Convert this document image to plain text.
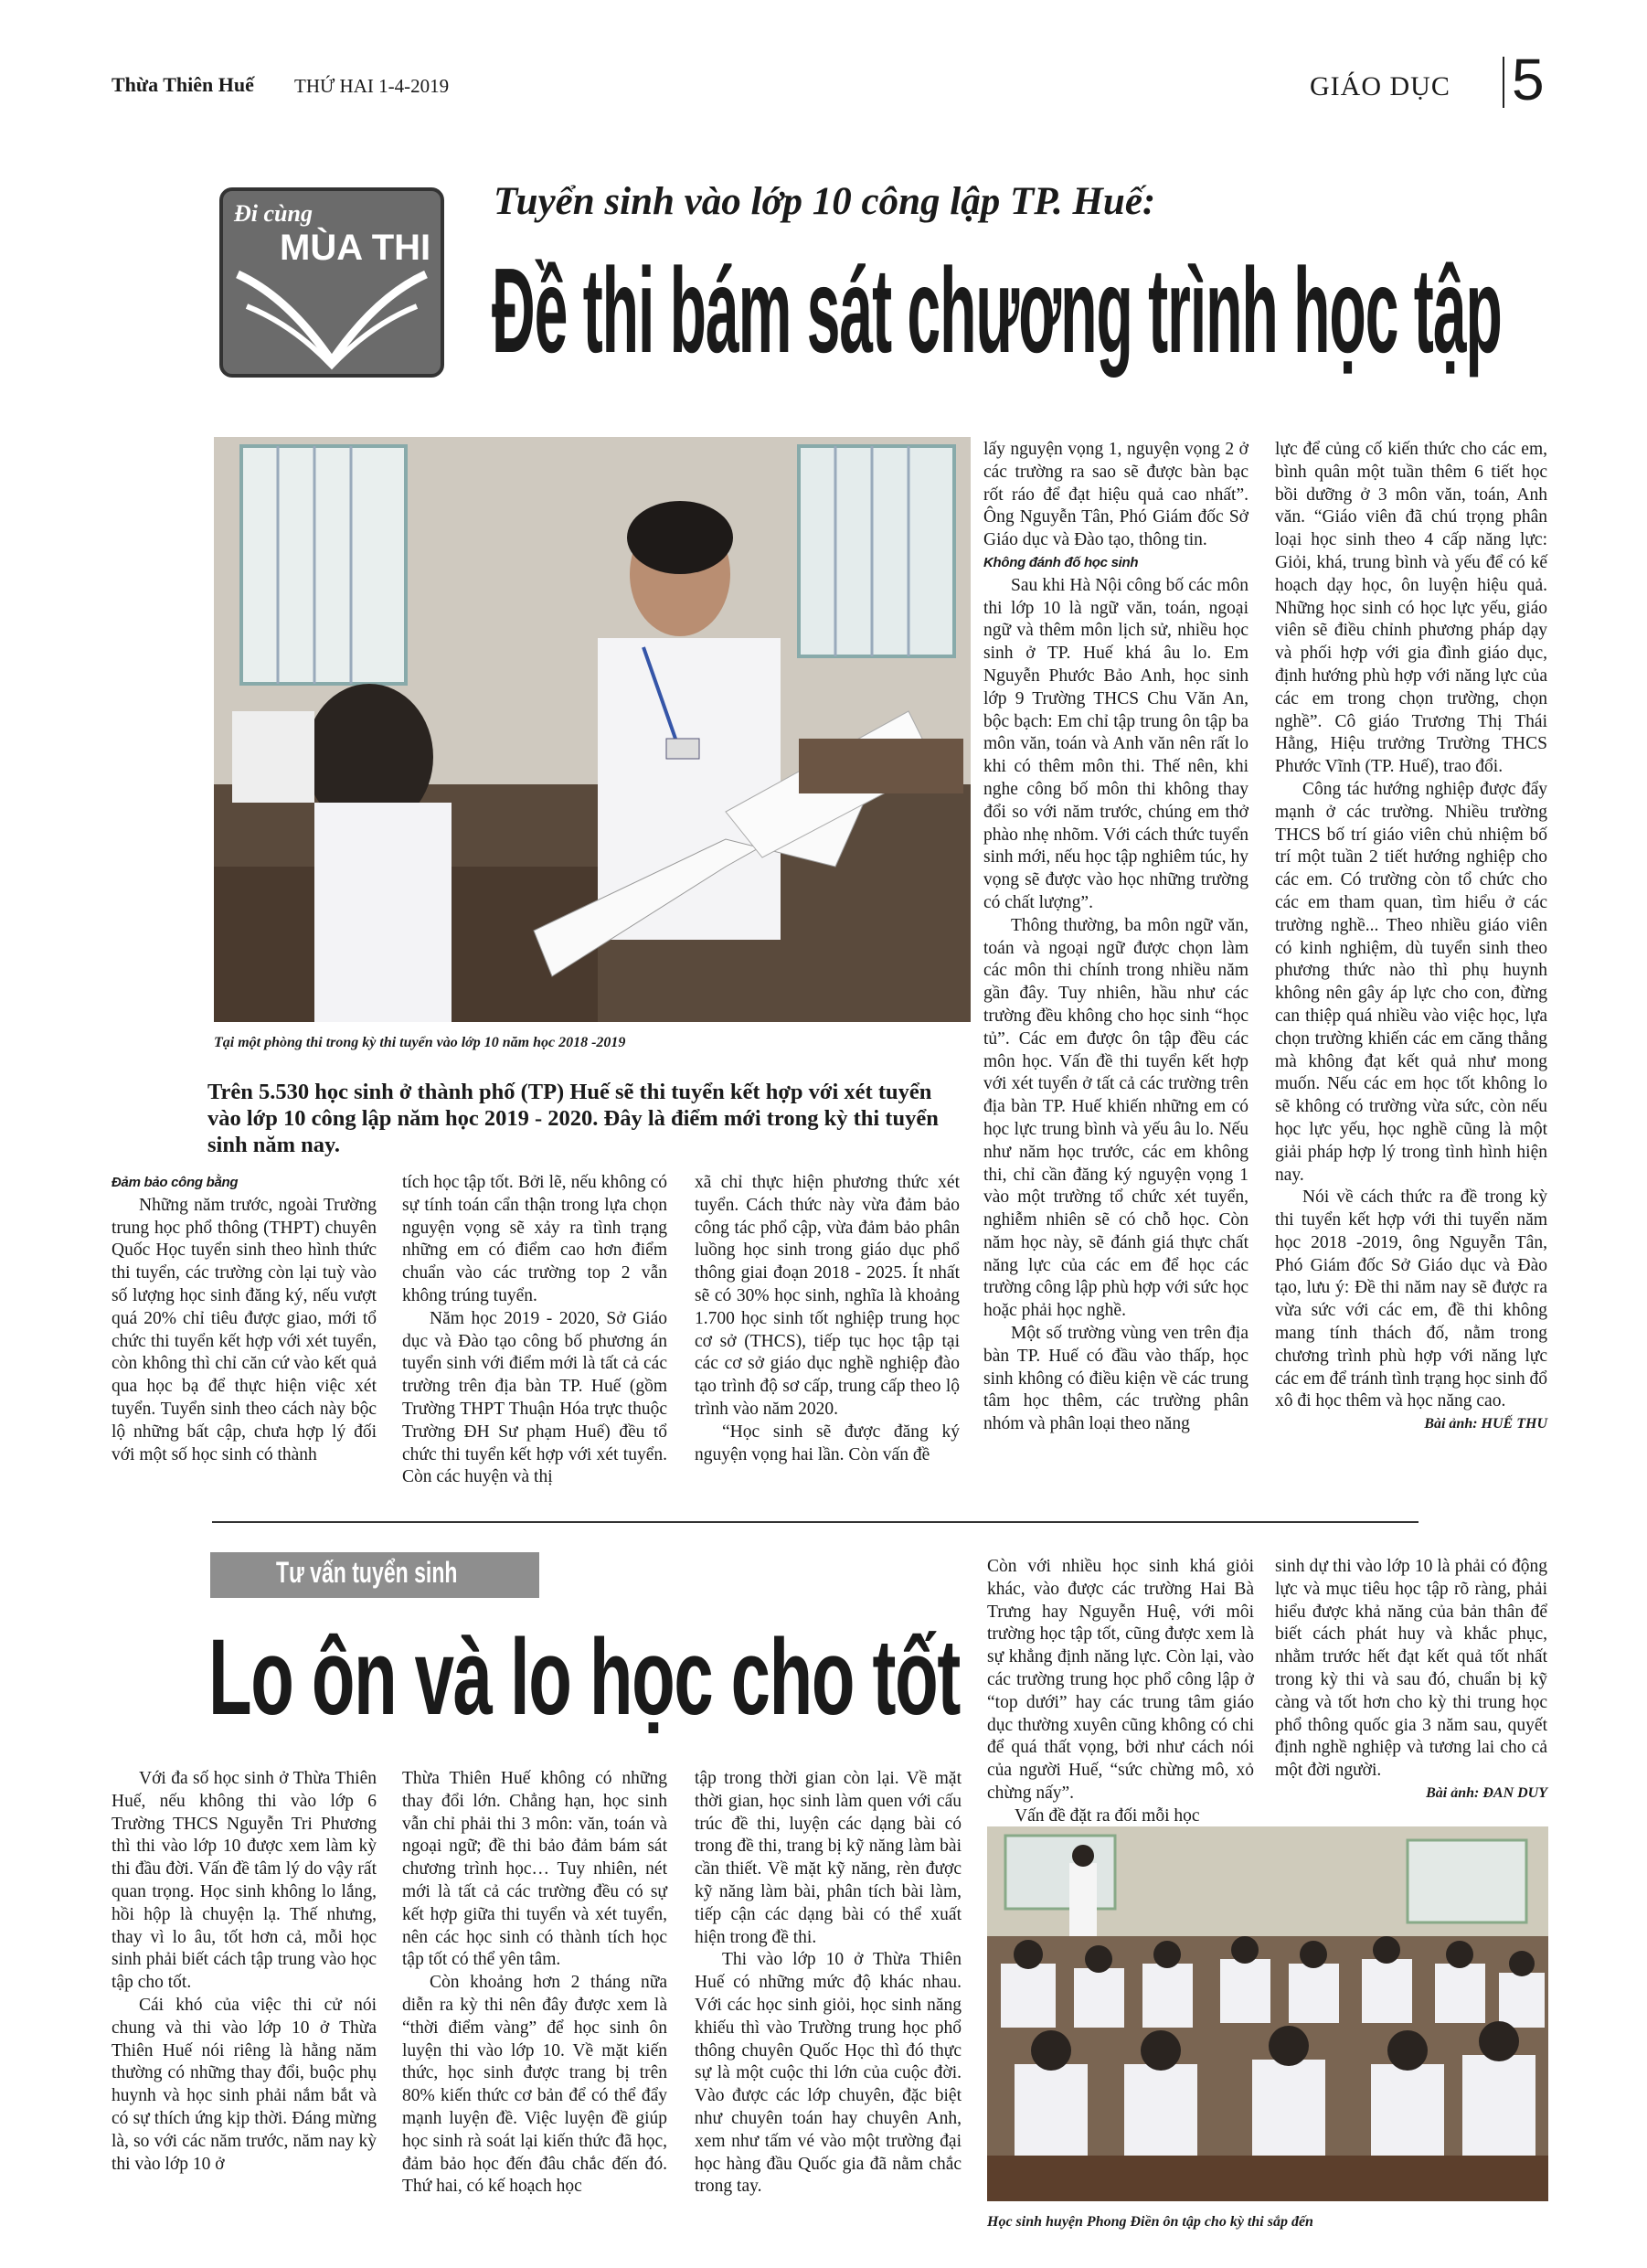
Thừa Thiên Huế THỨ HAI 1-4-2019	GIÁO DỤC 5
Đi cùng
MÙA THI
Tuyển sinh vào lớp 10 công lập TP. Huế:
Đề thi bám sát chương trình học tập
Tại một phòng thi trong kỳ thi tuyển vào lớp 10 năm học 2018 -2019
Trên 5.530 học sinh ở thành phố (TP) Huế sẽ thi tuyển kết hợp với xét tuyển vào lớp 10 công lập năm học 2019 - 2020. Đây là điểm mới trong kỳ thi tuyển sinh năm nay.

Đảm bảo công bằng

Những năm trước, ngoài Trường trung học phổ thông (THPT) chuyên Quốc Học tuyển sinh theo hình thức thi tuyển, các trường còn lại tuỳ vào số lượng học sinh đăng ký, nếu vượt quá 20% chỉ tiêu được giao, mới tổ chức thi tuyển kết hợp với xét tuyển, còn không thì chỉ căn cứ vào kết quả qua học bạ để thực hiện việc xét tuyển. Tuyển sinh theo cách này bộc lộ những bất cập, chưa hợp lý đối với một số học sinh có thành

tích học tập tốt. Bởi lẽ, nếu không có sự tính toán cẩn thận trong lựa chọn nguyện vọng sẽ xảy ra tình trạng những em có điểm cao hơn điểm chuẩn vào các trường top 2 vẫn không trúng tuyển.

Năm học 2019 - 2020, Sở Giáo dục và Đào tạo công bố phương án tuyển sinh với điểm mới là tất cả các trường trên địa bàn TP. Huế (gồm Trường THPT Thuận Hóa trực thuộc Trường ĐH Sư phạm Huế) đều tổ chức thi tuyển kết hợp với xét tuyển. Còn các huyện và thị

xã chỉ thực hiện phương thức xét tuyển. Cách thức này vừa đảm bảo công tác phổ cập, vừa đảm bảo phân luồng học sinh trong giáo dục phổ thông giai đoạn 2018 - 2025. Ít nhất sẽ có 30% học sinh, nghĩa là khoảng 1.700 học sinh tốt nghiệp trung học cơ sở (THCS), tiếp tục học tập tại các cơ sở giáo dục nghề nghiệp đào tạo trình độ sơ cấp, trung cấp theo lộ trình vào năm 2020.

“Học sinh sẽ được đăng ký nguyện vọng hai lần. Còn vấn đề

lấy nguyện vọng 1, nguyện vọng 2 ở các trường ra sao sẽ được bàn bạc rốt ráo để đạt hiệu quả cao nhất”. Ông Nguyễn Tân, Phó Giám đốc Sở Giáo dục và Đào tạo, thông tin.

Không đánh đố học sinh

Sau khi Hà Nội công bố các môn thi lớp 10 là ngữ văn, toán, ngoại ngữ và thêm môn lịch sử, nhiều học sinh ở TP. Huế khá âu lo. Em Nguyễn Phước Bảo Anh, học sinh lớp 9 Trường THCS Chu Văn An, bộc bạch: Em chỉ tập trung ôn tập ba môn văn, toán và Anh văn nên rất lo khi có thêm môn thi. Thế nên, khi nghe công bố môn thi không thay đổi so với năm trước, chúng em thở phào nhẹ nhõm. Với cách thức tuyển sinh mới, nếu học tập nghiêm túc, hy vọng sẽ được vào học những trường có chất lượng”.

Thông thường, ba môn ngữ văn, toán và ngoại ngữ được chọn làm các môn thi chính trong nhiều năm gần đây. Tuy nhiên, hầu như các trường đều không cho học sinh “học tủ”. Các em được ôn tập đều các môn học. Vấn đề thi tuyển kết hợp với xét tuyển ở tất cả các trường trên địa bàn TP. Huế khiến những em có học lực trung bình và yếu âu lo. Nếu như năm học trước, các em không thi, chỉ cần đăng ký nguyện vọng 1 vào một trường tổ chức xét tuyển, nghiễm nhiên sẽ có chỗ học. Còn năm học này, sẽ đánh giá thực chất năng lực của các em để học các trường công lập phù hợp với sức học hoặc phải học nghề.

Một số trường vùng ven trên địa bàn TP. Huế có đầu vào thấp, học sinh không có điều kiện về các trung tâm học thêm, các trường phân nhóm và phân loại theo năng

lực để củng cố kiến thức cho các em, bình quân một tuần thêm 6 tiết học bồi dưỡng ở 3 môn văn, toán, Anh văn. “Giáo viên đã chú trọng phân loại học sinh theo 4 cấp năng lực: Giỏi, khá, trung bình và yếu để có kế hoạch dạy học, ôn luyện hiệu quả. Những học sinh có học lực yếu, giáo viên sẽ điều chỉnh phương pháp dạy và phối hợp với gia đình giáo dục, định hướng phù hợp với năng lực của các em trong chọn trường, chọn nghề”. Cô giáo Trương Thị Thái Hằng, Hiệu trưởng Trường THCS Phước Vĩnh (TP. Huế), trao đổi.

Công tác hướng nghiệp được đẩy mạnh ở các trường. Nhiều trường THCS bố trí giáo viên chủ nhiệm bố trí một tuần 2 tiết hướng nghiệp cho các em. Có trường còn tổ chức cho các em tham quan, tìm hiểu ở các trường nghề... Theo nhiều giáo viên có kinh nghiệm, dù tuyển sinh theo phương thức nào thì phụ huynh không nên gây áp lực cho con, đừng can thiệp quá nhiều vào việc học, lựa chọn trường khiến các em căng thẳng mà không đạt kết quả như mong muốn. Nếu các em học tốt không lo sẽ không có trường vừa sức, còn nếu học lực yếu, học nghề cũng là một giải pháp hợp lý trong tình hình hiện nay.

Nói về cách thức ra đề trong kỳ thi tuyển kết hợp với thi tuyển năm học 2018 -2019, ông Nguyễn Tân, Phó Giám đốc Sở Giáo dục và Đào tạo, lưu ý: Đề thi năm nay sẽ được ra vừa sức với các em, đề thi không mang tính thách đố, nằm trong chương trình phù hợp với năng lực các em để tránh tình trạng học sinh đổ xô đi học thêm và học năng cao.

Bài ảnh: HUẾ THU

Tư vấn tuyển sinh
Lo ôn và lo học cho tốt

Với đa số học sinh ở Thừa Thiên Huế, nếu không thi vào lớp 6 Trường THCS Nguyễn Tri Phương thì thi vào lớp 10 được xem làm kỳ thi đầu đời. Vấn đề tâm lý do vậy rất quan trọng. Học sinh không lo lắng, hồi hộp là chuyện lạ. Thế nhưng, thay vì lo âu, tốt hơn cả, mỗi học sinh phải biết cách tập trung vào học tập cho tốt.

Cái khó của việc thi cử nói chung và thi vào lớp 10 ở Thừa Thiên Huế nói riêng là hằng năm thường có những thay đổi, buộc phụ huynh và học sinh phải nắm bắt và có sự thích ứng kịp thời. Đáng mừng là, so với các năm trước, năm nay kỳ thi vào lớp 10 ở

Thừa Thiên Huế không có những thay đổi lớn. Chẳng hạn, học sinh vẫn chỉ phải thi 3 môn: văn, toán và ngoại ngữ; đề thi bảo đảm bám sát chương trình học… Tuy nhiên, nét mới là tất cả các trường đều có sự kết hợp giữa thi tuyển và xét tuyển, nên các học sinh có thành tích học tập tốt có thể yên tâm.

Còn khoảng hơn 2 tháng nữa diễn ra kỳ thi nên đây được xem là “thời điểm vàng” để học sinh ôn luyện thi vào lớp 10. Về mặt kiến thức, học sinh được trang bị trên 80% kiến thức cơ bản để có thể đẩy mạnh luyện đề. Việc luyện đề giúp học sinh rà soát lại kiến thức đã học, đảm bảo học đến đâu chắc đến đó. Thứ hai, có kế hoạch học

tập trong thời gian còn lại. Về mặt thời gian, học sinh làm quen với cấu trúc đề thi, luyện các dạng bài có trong đề thi, trang bị kỹ năng làm bài cần thiết. Về mặt kỹ năng, rèn được kỹ năng làm bài, phân tích bài làm, tiếp cận các dạng bài có thể xuất hiện trong đề thi.

Thi vào lớp 10 ở Thừa Thiên Huế có những mức độ khác nhau. Với các học sinh giỏi, học sinh năng khiếu thì vào Trường trung học phổ thông chuyên Quốc Học thì đó thực sự là một cuộc thi lớn của cuộc đời. Vào được các lớp chuyên, đặc biệt như chuyên toán hay chuyên Anh, xem như tấm vé vào một trường đại học hàng đầu Quốc gia đã nằm chắc trong tay.

Còn với nhiều học sinh khá giỏi khác, vào được các trường Hai Bà Trưng hay Nguyễn Huệ, với môi trường học tập tốt, cũng được xem là sự khẳng định năng lực. Còn lại, vào các trường trung học phổ công lập ở “top dưới” hay các trung tâm giáo dục thường xuyên cũng không có chi để quá thất vọng, bởi như cách nói của người Huế, “sức chừng mô, xỏ chừng nấy”.

Vấn đề đặt ra đối mỗi học

sinh dự thi vào lớp 10 là phải có động lực và mục tiêu học tập rõ ràng, phải hiểu được khả năng của bản thân để biết cách phát huy và khắc phục, nhằm trước hết đạt kết quả tốt nhất trong kỳ thi và sau đó, chuẩn bị kỹ càng và tốt hơn cho kỳ thi trung học phổ thông quốc gia 3 năm sau, quyết định nghề nghiệp và tương lai cho cả một đời người.

Bài ảnh: ĐAN DUY

Học sinh huyện Phong Điền ôn tập cho kỳ thi sắp đến
